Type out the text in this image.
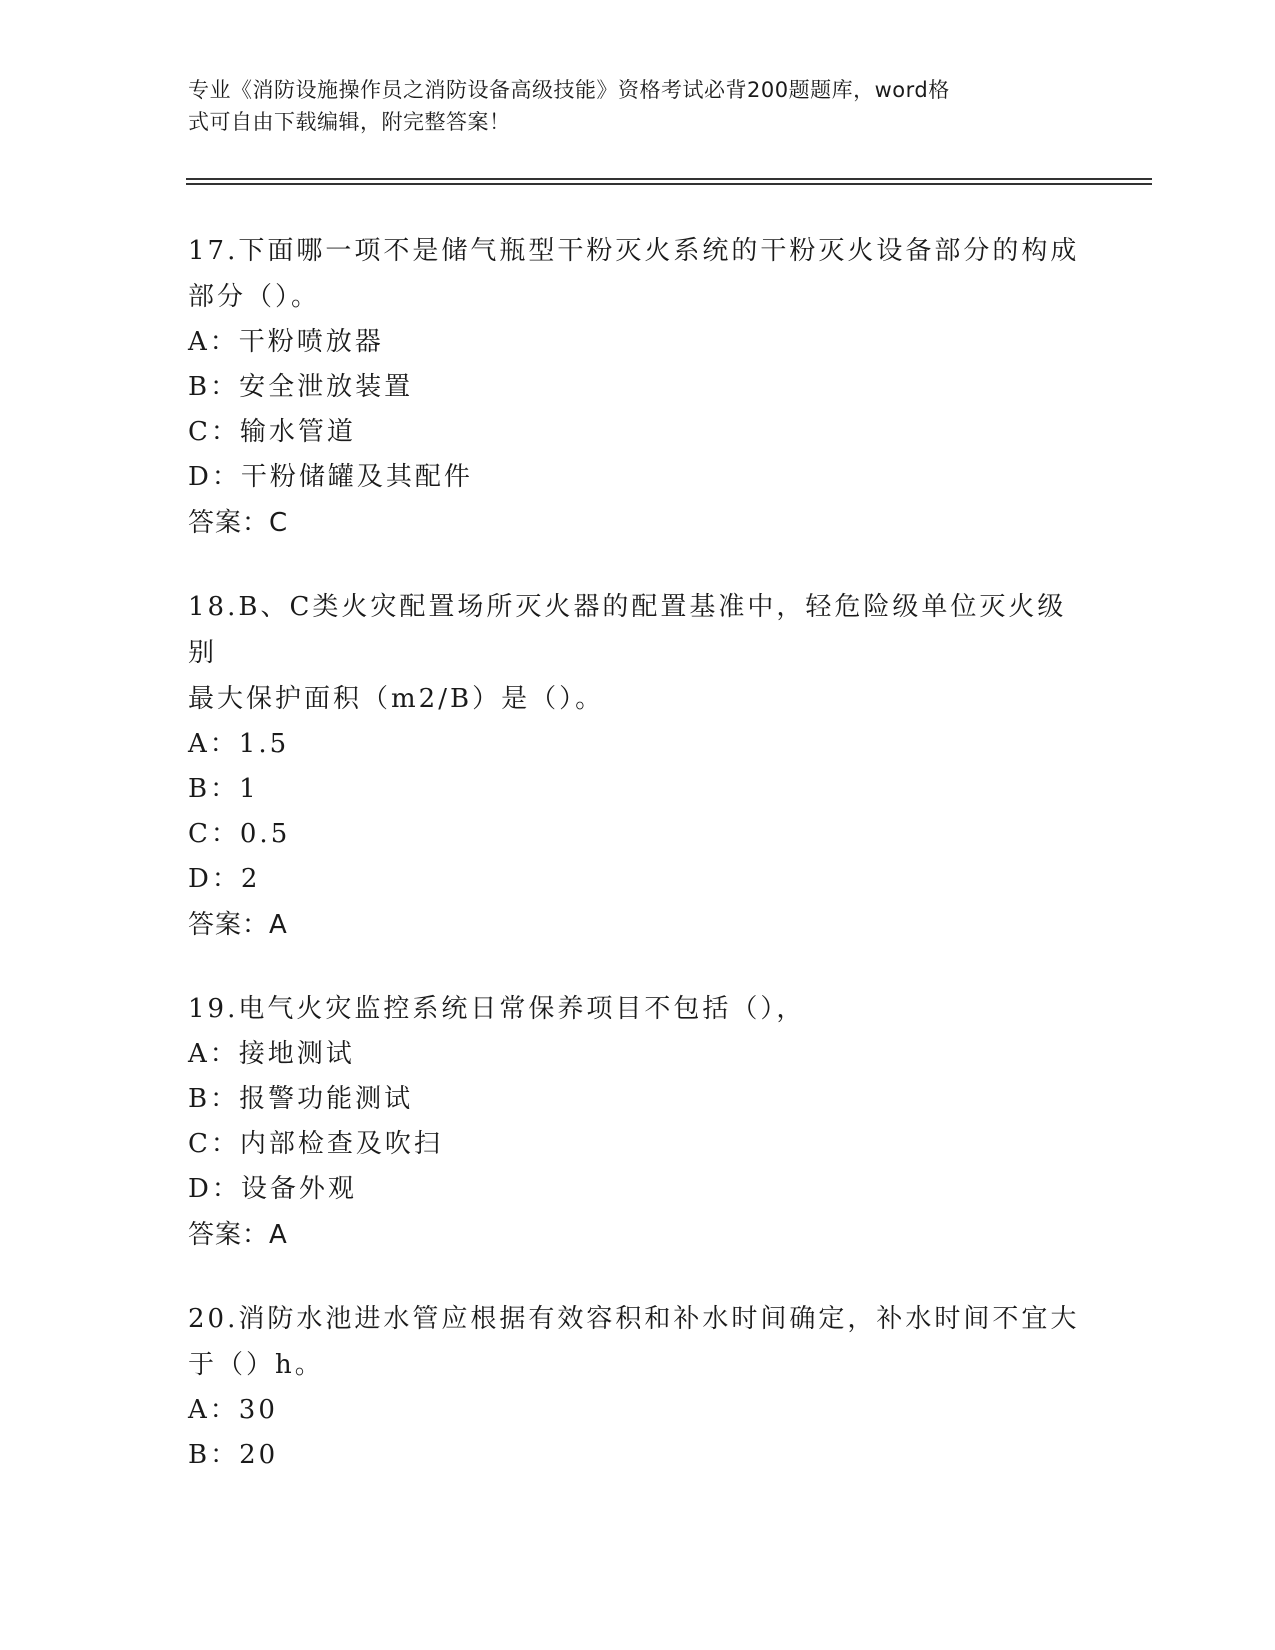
专业《消防设施操作员之消防设备高级技能》资格考试必背200题题库，word格
式可自由下载编辑，附完整答案！
17.下面哪一项不是储气瓶型干粉灭火系统的干粉灭火设备部分的构成
部分（）。
A：干粉喷放器
B：安全泄放装置
C：输水管道
D：干粉储罐及其配件
答案：C
18.B、C类火灾配置场所灭火器的配置基准中，轻危险级单位灭火级别
最大保护面积（m2/B）是（）。
A：1.5
B：1
C：0.5
D：2
答案：A
19.电气火灾监控系统日常保养项目不包括（），
A：接地测试
B：报警功能测试
C：内部检查及吹扫
D：设备外观
答案：A
20.消防水池进水管应根据有效容积和补水时间确定，补水时间不宜大
于（）h。
A：30
B：20
